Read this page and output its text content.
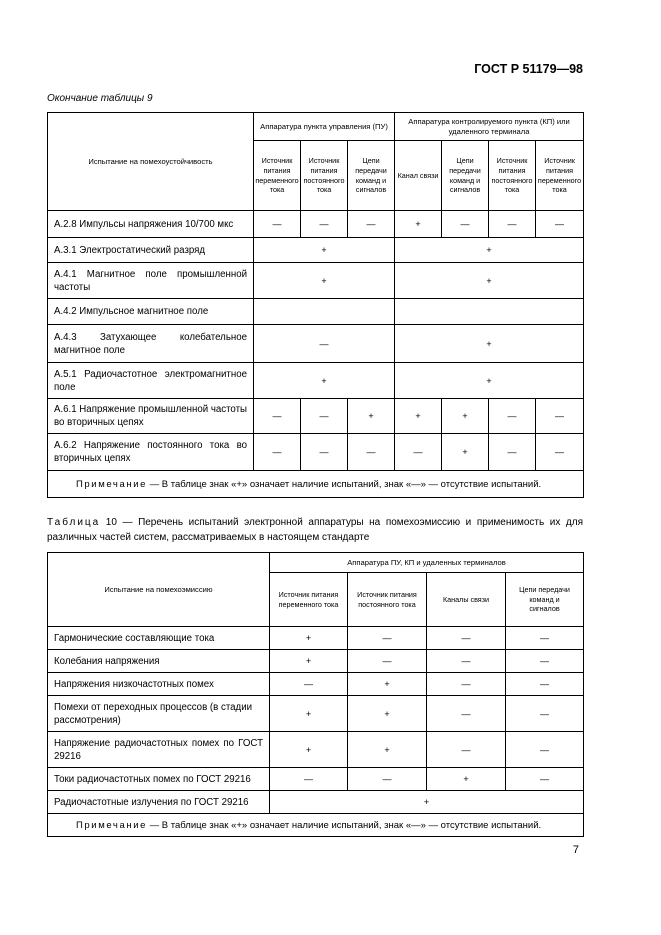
ГОСТ Р 51179—98
Окончание таблицы 9
Испытание на помехоустойчивость	Аппаратура пункта управления (ПУ)			Аппаратура контролируемого пункта (КП) или удаленного терминала			
	Источник питания переменного тока	Источник питания постоянного тока	Цепи передачи команд и сигналов	Канал связи	Цепи передачи команд и сигналов	Источник питания постоянного тока	Источник питания переменного тока
А.2.8 Импульсы напряжения 10/700 мкс	—	—	—	+	—	—	—
А.3.1 Электростатический разряд	+			+			
А.4.1 Магнитное поле промышленной частоты	+			+			
А.4.2 Импульсное магнитное поле							
А.4.3 Затухающее колебательное магнитное поле	—			+			
А.5.1 Радиочастотное электромагнитное поле	+			+			
А.6.1 Напряжение промышленной частоты во вторичных цепях	—	—	+	+	+	—	—
А.6.2 Напряжение постоянного тока во вторичных цепях	—	—	—	—	+	—	—
Примечание — В таблице знак «+» означает наличие испытаний, знак «—» — отсутствие испытаний.							
Таблица 10 — Перечень испытаний электронной аппаратуры на помехоэмиссию и применимость их для различных частей систем, рассматриваемых в настоящем стандарте
Испытание на помехоэмиссию	Аппаратура ПУ, КП и удаленных терминалов			
	Источник питания переменного тока	Источник питания постоянного тока	Каналы связи	Цепи передачи команд и сигналов
Гармонические составляющие тока	+	—	—	—
Колебания напряжения	+	—	—	—
Напряжения низкочастотных помех	—	+	—	—
Помехи от переходных процессов (в стадии рассмотрения)	+	+	—	—
Напряжение радиочастотных помех по ГОСТ 29216	+	+	—	—
Токи радиочастотных помех по ГОСТ 29216	—	—	+	—
Радиочастотные излучения по ГОСТ 29216	+			
Примечание — В таблице знак «+» означает наличие испытаний, знак «—» — отсутствие испытаний.				
7
